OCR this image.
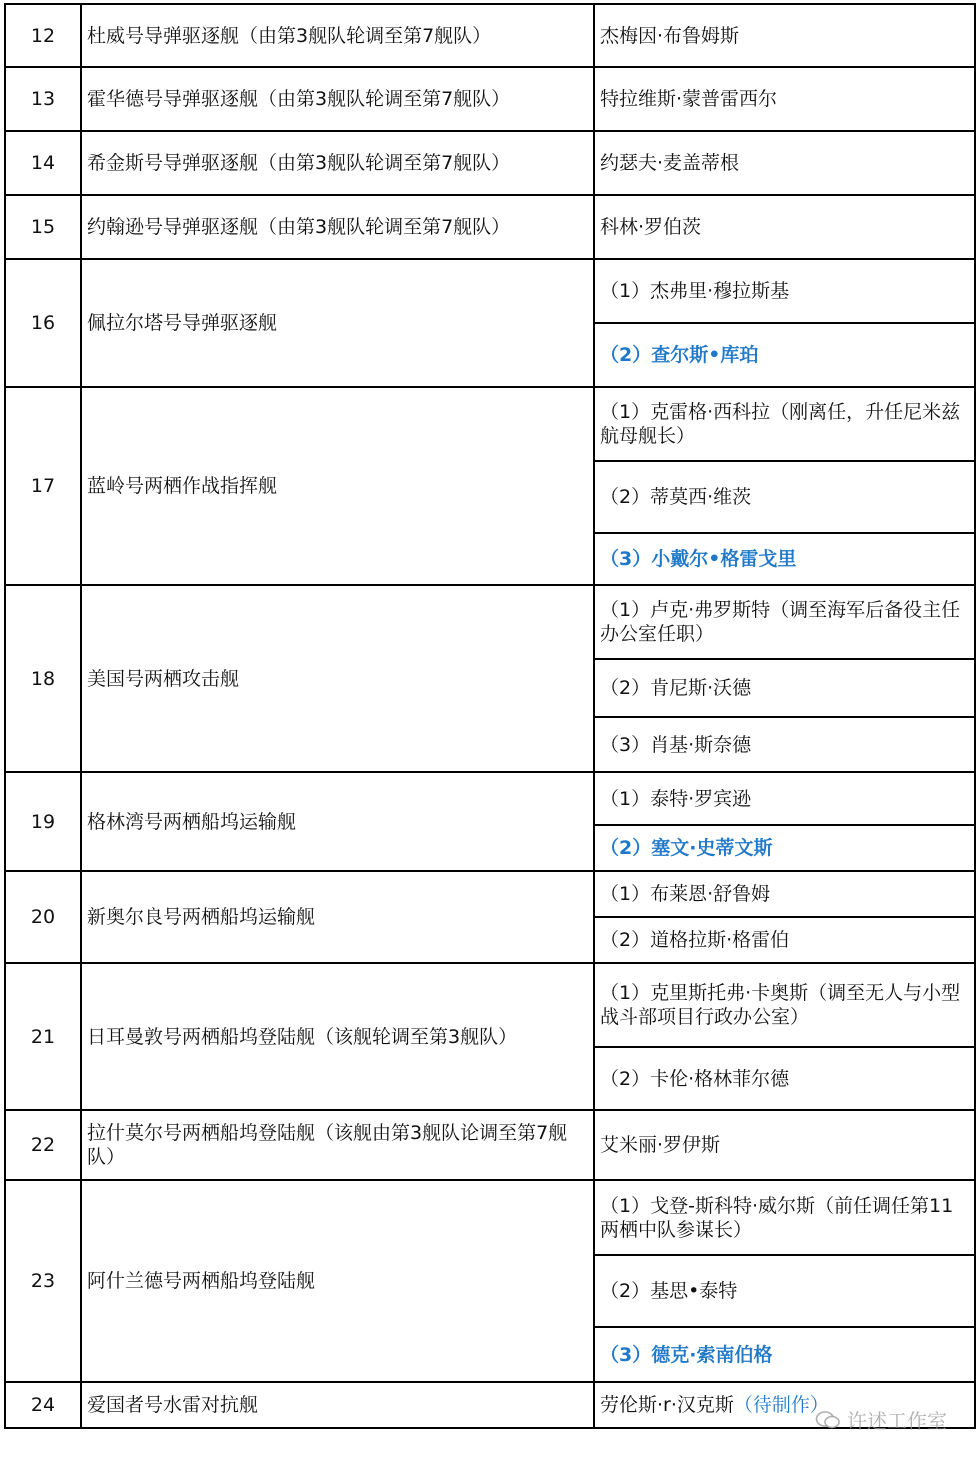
12	杜威号导弹驱逐舰（由第3舰队轮调至第7舰队）	杰梅因·布鲁姆斯
13	霍华德号导弹驱逐舰（由第3舰队轮调至第7舰队）	特拉维斯·蒙普雷西尔
14	希金斯号导弹驱逐舰（由第3舰队轮调至第7舰队）	约瑟夫·麦盖蒂根
15	约翰逊号导弹驱逐舰（由第3舰队轮调至第7舰队）	科林·罗伯茨
16	佩拉尔塔号导弹驱逐舰	（1）杰弗里·穆拉斯基
		（2）查尔斯•库珀
17	蓝岭号两栖作战指挥舰	（1）克雷格·西科拉（刚离任，升任尼米兹航母舰长）
		（2）蒂莫西·维茨
		（3）小戴尔•格雷戈里
18	美国号两栖攻击舰	（1）卢克·弗罗斯特（调至海军后备役主任办公室任职）
		（2）肯尼斯·沃德
		（3）肖基·斯奈德
19	格林湾号两栖船坞运输舰	（1）泰特·罗宾逊
		（2）塞文·史蒂文斯
20	新奥尔良号两栖船坞运输舰	（1）布莱恩·舒鲁姆
		（2）道格拉斯·格雷伯
21	日耳曼敦号两栖船坞登陆舰（该舰轮调至第3舰队）	（1）克里斯托弗·卡奥斯（调至无人与小型战斗部项目行政办公室）
		（2）卡伦·格林菲尔德
22	拉什莫尔号两栖船坞登陆舰（该舰由第3舰队论调至第7舰队）	艾米丽·罗伊斯
23	阿什兰德号两栖船坞登陆舰	（1）戈登-斯科特·威尔斯（前任调任第11两栖中队参谋长）
		（2）基思•泰特
		（3）德克·索南伯格
24	爱国者号水雷对抗舰	劳伦斯·r·汉克斯（待制作）
许述工作室
